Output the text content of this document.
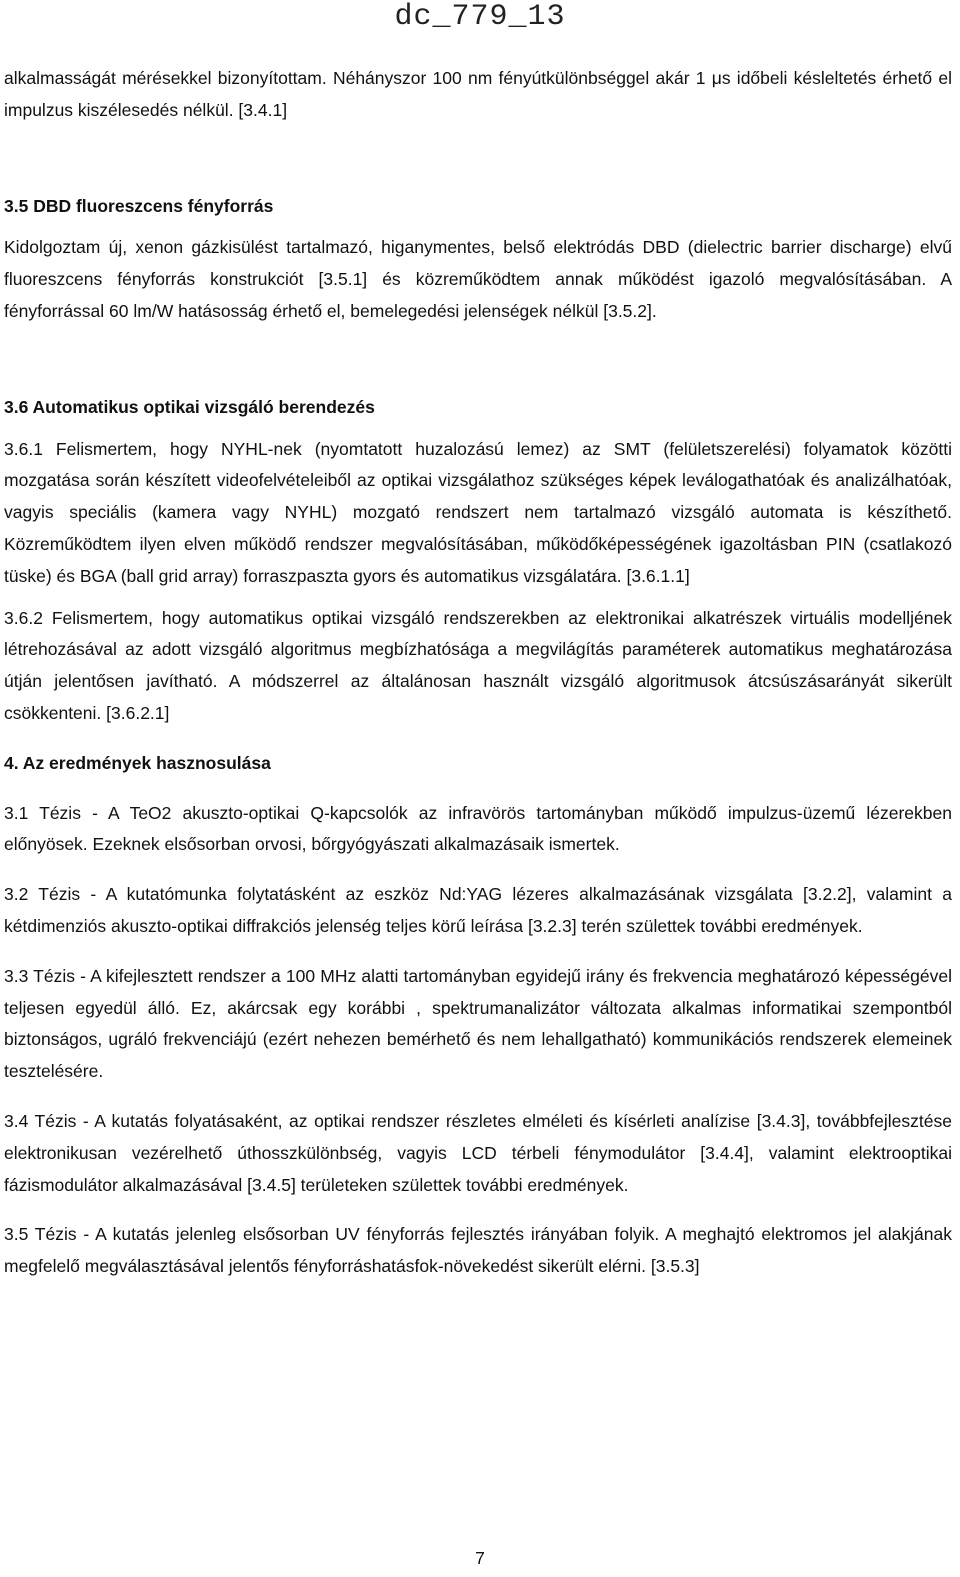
dc_779_13

alkalmasságát mérésekkel bizonyítottam. Néhányszor 100 nm fényútkülönbséggel akár 1 μs időbeli késleltetés érhető el impulzus kiszélesedés nélkül. [3.4.1]

3.5 DBD fluoreszcens fényforrás

Kidolgoztam új, xenon gázkisülést tartalmazó, higanymentes, belső elektródás DBD (dielectric barrier discharge) elvű fluoreszcens fényforrás konstrukciót [3.5.1] és közreműködtem annak működést igazoló megvalósításában. A fényforrással 60 lm/W hatásosság érhető el, bemelegedési jelenségek nélkül [3.5.2].

3.6 Automatikus optikai vizsgáló berendezés

3.6.1 Felismertem, hogy NYHL-nek (nyomtatott huzalozású lemez) az SMT (felületszerelési) folyamatok közötti mozgatása során készített videofelvételeiből az optikai vizsgálathoz szükséges képek leválogathatóak és analizálhatóak, vagyis speciális (kamera vagy NYHL) mozgató rendszert nem tartalmazó vizsgáló automata is készíthető. Közreműködtem ilyen elven működő rendszer megvalósításában, működőképességének igazoltásban PIN (csatlakozó tüske) és BGA (ball grid array) forraszpaszta gyors és automatikus vizsgálatára. [3.6.1.1]

3.6.2 Felismertem, hogy automatikus optikai vizsgáló rendszerekben az elektronikai alkatrészek virtuális modelljének létrehozásával az adott vizsgáló algoritmus megbízhatósága a megvilágítás paraméterek automatikus meghatározása útján jelentősen javítható. A módszerrel az általánosan használt vizsgáló algoritmusok átcsúszásarányát sikerült csökkenteni. [3.6.2.1]

4. Az eredmények hasznosulása

3.1 Tézis - A TeO2 akuszto-optikai Q-kapcsolók az infravörös tartományban működő impulzus-üzemű lézerekben előnyösek. Ezeknek elsősorban orvosi, bőrgyógyászati alkalmazásaik ismertek.

3.2 Tézis - A kutatómunka folytatásként az eszköz Nd:YAG lézeres alkalmazásának vizsgálata [3.2.2], valamint a kétdimenziós akuszto-optikai diffrakciós jelenség teljes körű leírása [3.2.3] terén születtek további eredmények.

3.3 Tézis - A kifejlesztett rendszer a 100 MHz alatti tartományban egyidejű irány és frekvencia meghatározó képességével teljesen egyedül álló. Ez, akárcsak egy korábbi , spektrumanalizátor változata alkalmas informatikai szempontból biztonságos, ugráló frekvenciájú (ezért nehezen bemérhető és nem lehallgatható) kommunikációs rendszerek elemeinek tesztelésére.

3.4 Tézis - A kutatás folyatásaként, az optikai rendszer részletes elméleti és kísérleti analízise [3.4.3], továbbfejlesztése elektronikusan vezérelhető úthosszkülönbség, vagyis LCD térbeli fénymodulátor [3.4.4], valamint elektrooptikai fázismodulátor alkalmazásával [3.4.5] területeken születtek további eredmények.

3.5 Tézis - A kutatás jelenleg elsősorban UV fényforrás fejlesztés irányában folyik. A meghajtó elektromos jel alakjának megfelelő megválasztásával jelentős fényforráshatásfok-növekedést sikerült elérni. [3.5.3]

7
